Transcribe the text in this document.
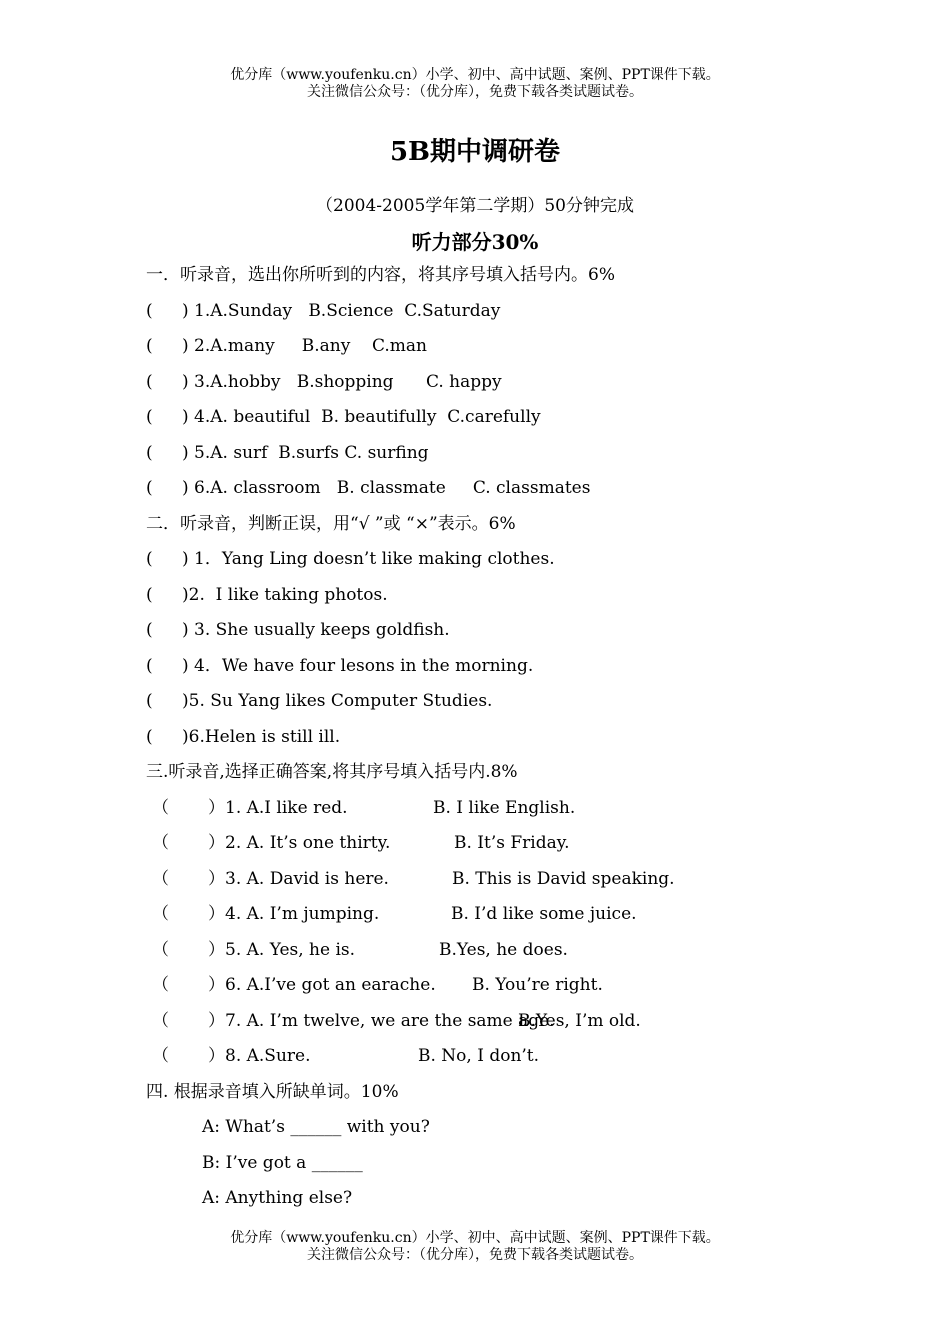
优分库（www.youfenku.cn）小学、初中、高中试题、案例、PPT课件下载。
关注微信公众号：（优分库），免费下载各类试题试卷。
5B期中调研卷
（2004-2005学年第二学期）50分钟完成
听力部分30%
一．听录音，选出你所听到的内容，将其序号填入括号内。6%
( ) 1.A.Sunday   B.Science  C.Saturday
( ) 2.A.many     B.any    C.man
( ) 3.A.hobby   B.shopping      C. happy
( ) 4.A. beautiful  B. beautifully  C.carefully
( ) 5.A. surf  B.surfs C. surfing
( ) 6.A. classroom   B. classmate     C. classmates
二．听录音，判断正误，用“√ ”或 “×”表示。6%
( ) 1．Yang Ling doesn’t like making clothes.
( )2.  I like taking photos.
( ) 3. She usually keeps goldfish.
( ) 4．We have four lesons in the morning.
( )5. Su Yang likes Computer Studies.
( )6.Helen is still ill.
三.听录音,选择正确答案,将其序号填入括号内.8%
（ ）1. A.I like red.	B. I like English.
（ ）2. A. It’s one thirty.	B. It’s Friday.
（ ）3. A. David is here.	B. This is David speaking.
（ ）4. A. I’m jumping.	B. I’d like some juice.
（ ）5. A. Yes, he is.	B.Yes, he does.
（ ）6. A.I’ve got an earache. B. You’re right.
（ ）7. A. I’m twelve, we are the same age.B.Yes, I’m old.
（ ）8. A.Sure.	B. No, I don’t.
四. 根据录音填入所缺单词。10%
A: What’s ______ with you?
B: I’ve got a ______
A: Anything else?
优分库（www.youfenku.cn）小学、初中、高中试题、案例、PPT课件下载。
关注微信公众号：（优分库），免费下载各类试题试卷。
